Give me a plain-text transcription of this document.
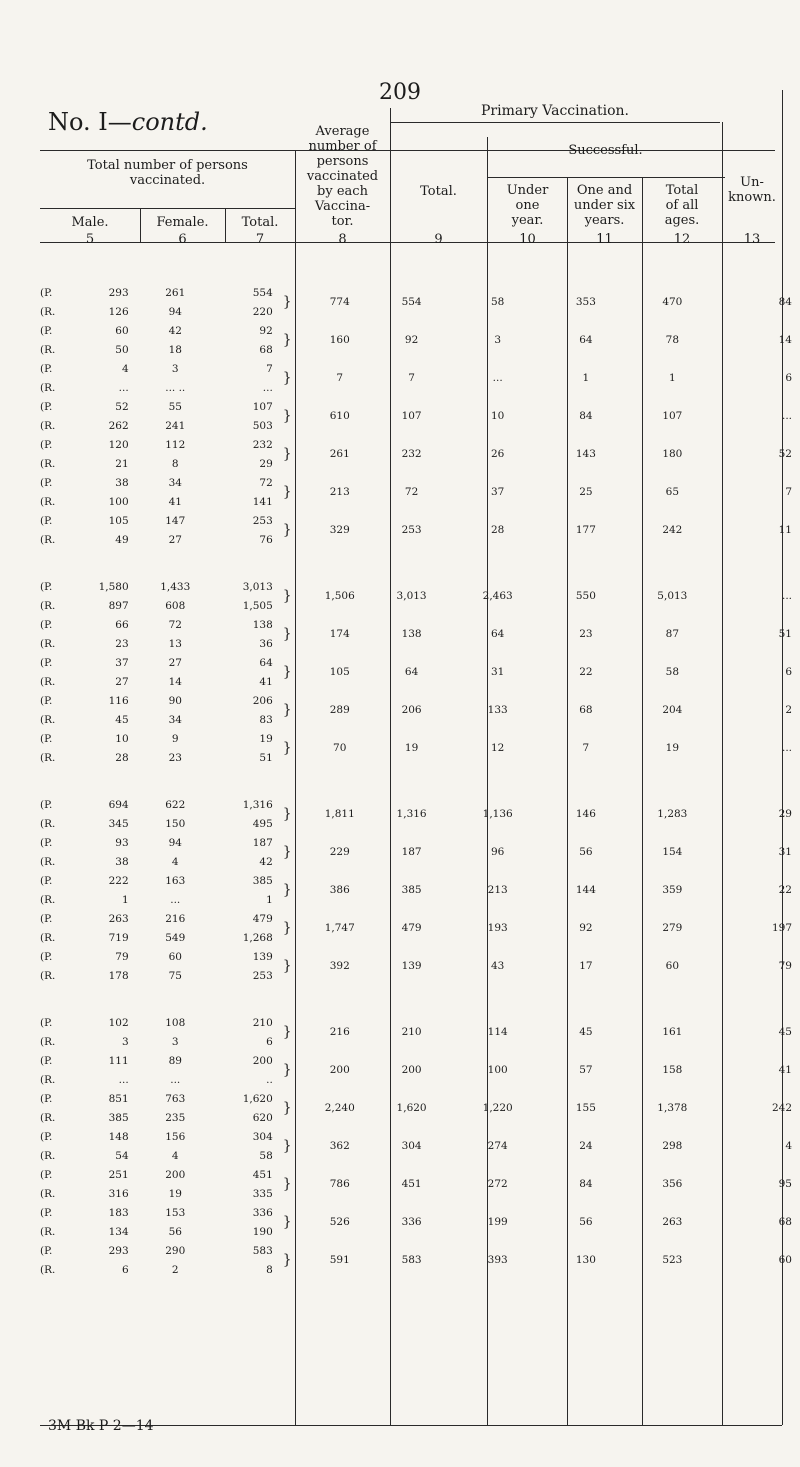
209
No. I—contd.
Total number of persons
vaccinated.
Male.	Female.	Total.
Average
number of
persons
vaccinated
by each
Vaccina-
tor.
Primary Vaccination.
Total.
Successful.
Under
one
year.
One and
under six
years.
Total
of all
ages.
Un-
known.
5	6	7	8	9	10	11	12	13
(P.	293	261	554	}	774	554	58	353	470	84
(R.	126	94	220							
(P.	60	42	92	}	160	92	3	64	78	14
(R.	50	18	68							
(P.	4	3	7	}	7	7	...	1	1	6
(R.	...	... ..	...							
(P.	52	55	107	}	610	107	10	84	107	...
(R.	262	241	503							
(P.	120	112	232	}	261	232	26	143	180	52
(R.	21	8	29							
(P.	38	34	72	}	213	72	37	25	65	7
(R.	100	41	141							
(P.	105	147	253	}	329	253	28	177	242	11
(R.	49	27	76							

(P.	1,580	1,433	3,013	}	1,506	3,013	2,463	550	5,013	...
(R.	897	608	1,505							
(P.	66	72	138	}	174	138	64	23	87	51
(R.	23	13	36							
(P.	37	27	64	}	105	64	31	22	58	6
(R.	27	14	41							
(P.	116	90	206	}	289	206	133	68	204	2
(R.	45	34	83							
(P.	10	9	19	}	70	19	12	7	19	...
(R.	28	23	51							

(P.	694	622	1,316	}	1,811	1,316	1,136	146	1,283	29
(R.	345	150	495							
(P.	93	94	187	}	229	187	96	56	154	31
(R.	38	4	42							
(P.	222	163	385	}	386	385	213	144	359	22
(R.	1	...	1							
(P.	263	216	479	}	1,747	479	193	92	279	197
(R.	719	549	1,268							
(P.	79	60	139	}	392	139	43	17	60	79
(R.	178	75	253							

(P.	102	108	210	}	216	210	114	45	161	45
(R.	3	3	6							
(P.	111	89	200	}	200	200	100	57	158	41
(R.	...	...	..							
(P.	851	763	1,620	}	2,240	1,620	1,220	155	1,378	242
(R.	385	235	620							
(P.	148	156	304	}	362	304	274	24	298	4
(R.	54	4	58							
(P.	251	200	451	}	786	451	272	84	356	95
(R.	316	19	335							
(P.	183	153	336	}	526	336	199	56	263	68
(R.	134	56	190							
(P.	293	290	583	}	591	583	393	130	523	60
(R.	6	2	8							
3M Bk P 2—14
